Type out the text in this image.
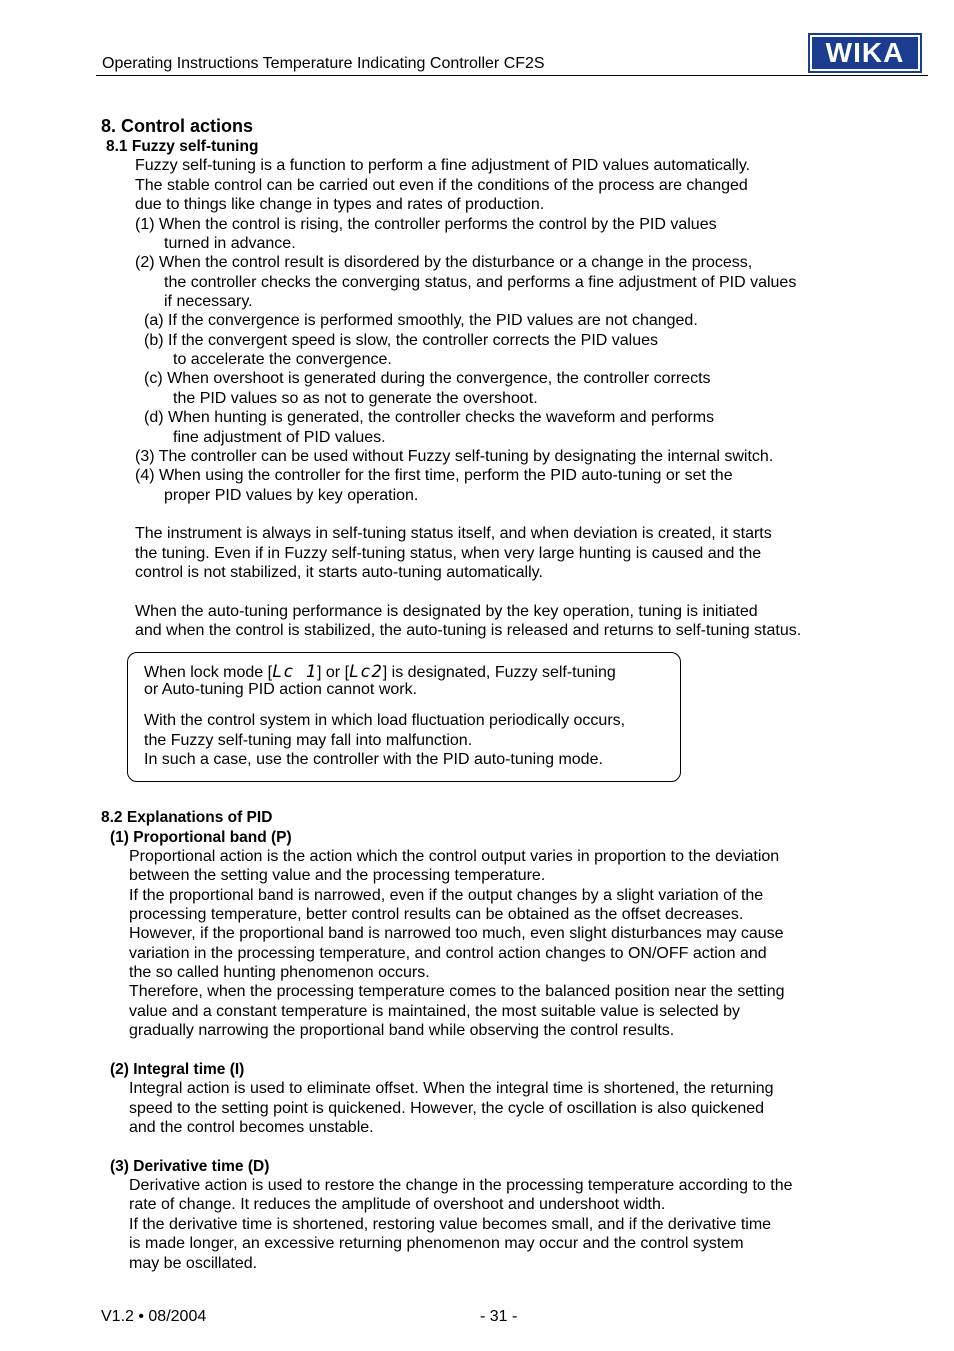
Operating Instructions Temperature Indicating Controller CF2S	WIKA
8. Control actions
8.1 Fuzzy self-tuning
Fuzzy self-tuning is a function to perform a fine adjustment of PID values automatically.
The stable control can be carried out even if the conditions of the process are changed
due to things like change in types and rates of production.
(1) When the control is rising, the controller performs the control by the PID values
turned in advance.
(2) When the control result is disordered by the disturbance or a change in the process,
the controller checks the converging status, and performs a fine adjustment of PID values
if necessary.
(a) If the convergence is performed smoothly, the PID values are not changed.
(b) If the convergent speed is slow, the controller corrects the PID values
to accelerate the convergence.
(c) When overshoot is generated during the convergence, the controller corrects
the PID values so as not to generate the overshoot.
(d) When hunting is generated, the controller checks the waveform and performs
fine adjustment of PID values.
(3) The controller can be used without Fuzzy self-tuning by designating the internal switch.
(4) When using the controller for the first time, perform the PID auto-tuning or set the
proper PID values by key operation.
The instrument is always in self-tuning status itself, and when deviation is created, it starts
the tuning. Even if in Fuzzy self-tuning status, when very large hunting is caused and the
control is not stabilized, it starts auto-tuning automatically.
When the auto-tuning performance is designated by the key operation, tuning is initiated
and when the control is stabilized, the auto-tuning is released and returns to self-tuning status.
When lock mode [Lc 1] or [Lc2] is designated, Fuzzy self-tuning
or Auto-tuning PID action cannot work.
With the control system in which load fluctuation periodically occurs,
the Fuzzy self-tuning may fall into malfunction.
In such a case, use the controller with the PID auto-tuning mode.
8.2 Explanations of PID
(1) Proportional band (P)
Proportional action is the action which the control output varies in proportion to the deviation
between the setting value and the processing temperature.
If the proportional band is narrowed, even if the output changes by a slight variation of the
processing temperature, better control results can be obtained as the offset decreases.
However, if the proportional band is narrowed too much, even slight disturbances may cause
variation in the processing temperature, and control action changes to ON/OFF action and
the so called hunting phenomenon occurs.
Therefore, when the processing temperature comes to the balanced position near the setting
value and a constant temperature is maintained, the most suitable value is selected by
gradually narrowing the proportional band while observing the control results.
(2) Integral time (I)
Integral action is used to eliminate offset. When the integral time is shortened, the returning
speed to the setting point is quickened. However, the cycle of oscillation is also quickened
and the control becomes unstable.
(3) Derivative time (D)
Derivative action is used to restore the change in the processing temperature according to the
rate of change. It reduces the amplitude of overshoot and undershoot width.
If the derivative time is shortened, restoring value becomes small, and if the derivative time
is made longer, an excessive returning phenomenon may occur and the control system
may be oscillated.
V1.2 • 08/2004	- 31 -
